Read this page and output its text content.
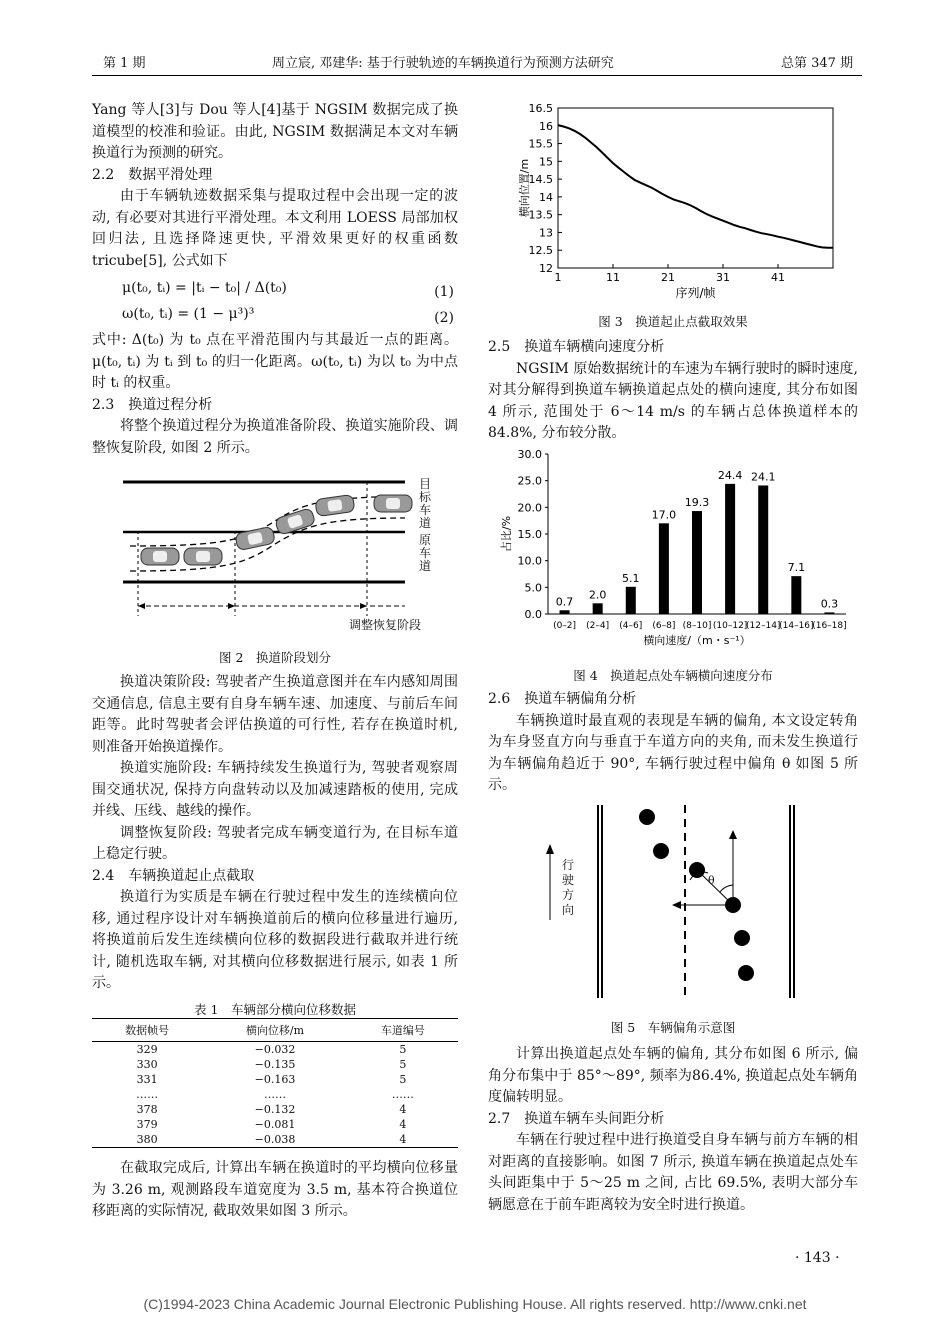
第 1 期	周立宸, 邓建华: 基于行驶轨迹的车辆换道行为预测方法研究	总第 347 期

Yang 等人[3]与 Dou 等人[4]基于 NGSIM 数据完成了换道模型的校准和验证。由此, NGSIM 数据满足本文对车辆换道行为预测的研究。

2.2　数据平滑处理

由于车辆轨迹数据采集与提取过程中会出现一定的波动, 有必要对其进行平滑处理。本文利用 LOESS 局部加权回归法, 且选择降速更快, 平滑效果更好的权重函数 tricube[5], 公式如下

μ(t₀, tᵢ) = |tᵢ − t₀| / Δ(t₀)	(1)
ω(t₀, tᵢ) = (1 − μ³)³	(2)

式中: Δ(t₀) 为 t₀ 点在平滑范围内与其最近一点的距离。μ(t₀, tᵢ) 为 tᵢ 到 t₀ 的归一化距离。ω(t₀, tᵢ) 为以 t₀ 为中点时 tᵢ 的权重。

2.3　换道过程分析

将整个换道过程分为换道准备阶段、换道实施阶段、调整恢复阶段, 如图 2 所示。

目标车道
原车道
调整恢复阶段
图 2　换道阶段划分

换道决策阶段: 驾驶者产生换道意图并在车内感知周围交通信息, 信息主要有自身车辆车速、加速度、与前后车间距等。此时驾驶者会评估换道的可行性, 若存在换道时机, 则准备开始换道操作。

换道实施阶段: 车辆持续发生换道行为, 驾驶者观察周围交通状况, 保持方向盘转动以及加减速踏板的使用, 完成并线、压线、越线的操作。

调整恢复阶段: 驾驶者完成车辆变道行为, 在目标车道上稳定行驶。

2.4　车辆换道起止点截取

换道行为实质是车辆在行驶过程中发生的连续横向位移, 通过程序设计对车辆换道前后的横向位移量进行遍历, 将换道前后发生连续横向位移的数据段进行截取并进行统计, 随机选取车辆, 对其横向位移数据进行展示, 如表 1 所示。

表 1　车辆部分横向位移数据
数据帧号	横向位移/m	车道编号
329	−0.032	5
330	−0.135	5
331	−0.163	5
……	……	……
378	−0.132	4
379	−0.081	4
380	−0.038	4

在截取完成后, 计算出车辆在换道时的平均横向位移量为 3.26 m, 观测路段车道宽度为 3.5 m, 基本符合换道位移距离的实际情况, 截取效果如图 3 所示。

12
12.5
13
13.5
14
14.5
15
15.5
16
16.5
1	11	21	31	41
序列/帧
横向位置/m
图 3　换道起止点截取效果

2.5　换道车辆横向速度分析

NGSIM 原始数据统计的车速为车辆行驶时的瞬时速度, 对其分解得到换道车辆换道起点处的横向速度, 其分布如图 4 所示, 范围处于 6～14 m/s 的车辆占总体换道样本的 84.8%, 分布较分散。

0.0
5.0
10.0
15.0
20.0
25.0
30.0
0.7
(0–2]
2.0
(2–4]
5.1
(4–6]
17.0
(6–8]
19.3
(8–10]
24.4
(10–12]
24.1
(12–14]
7.1
(14–16]
0.3
(16–18]
横向速度/（m・s⁻¹）
占比/%
图 4　换道起点处车辆横向速度分布

2.6　换道车辆偏角分析

车辆换道时最直观的表现是车辆的偏角, 本文设定转角为车身竖直方向与垂直于车道方向的夹角, 而未发生换道行为车辆偏角趋近于 90°, 车辆行驶过程中偏角 θ 如图 5 所示。

行驶方向
θ
图 5　车辆偏角示意图

计算出换道起点处车辆的偏角, 其分布如图 6 所示, 偏角分布集中于 85°～89°, 频率为86.4%, 换道起点处车辆角度偏转明显。

2.7　换道车辆车头间距分析

车辆在行驶过程中进行换道受自身车辆与前方车辆的相对距离的直接影响。如图 7 所示, 换道车辆在换道起点处车头间距集中于 5～25 m 之间, 占比 69.5%, 表明大部分车辆愿意在于前车距离较为安全时进行换道。

· 143 ·
(C)1994-2023 China Academic Journal Electronic Publishing House. All rights reserved. http://www.cnki.net
